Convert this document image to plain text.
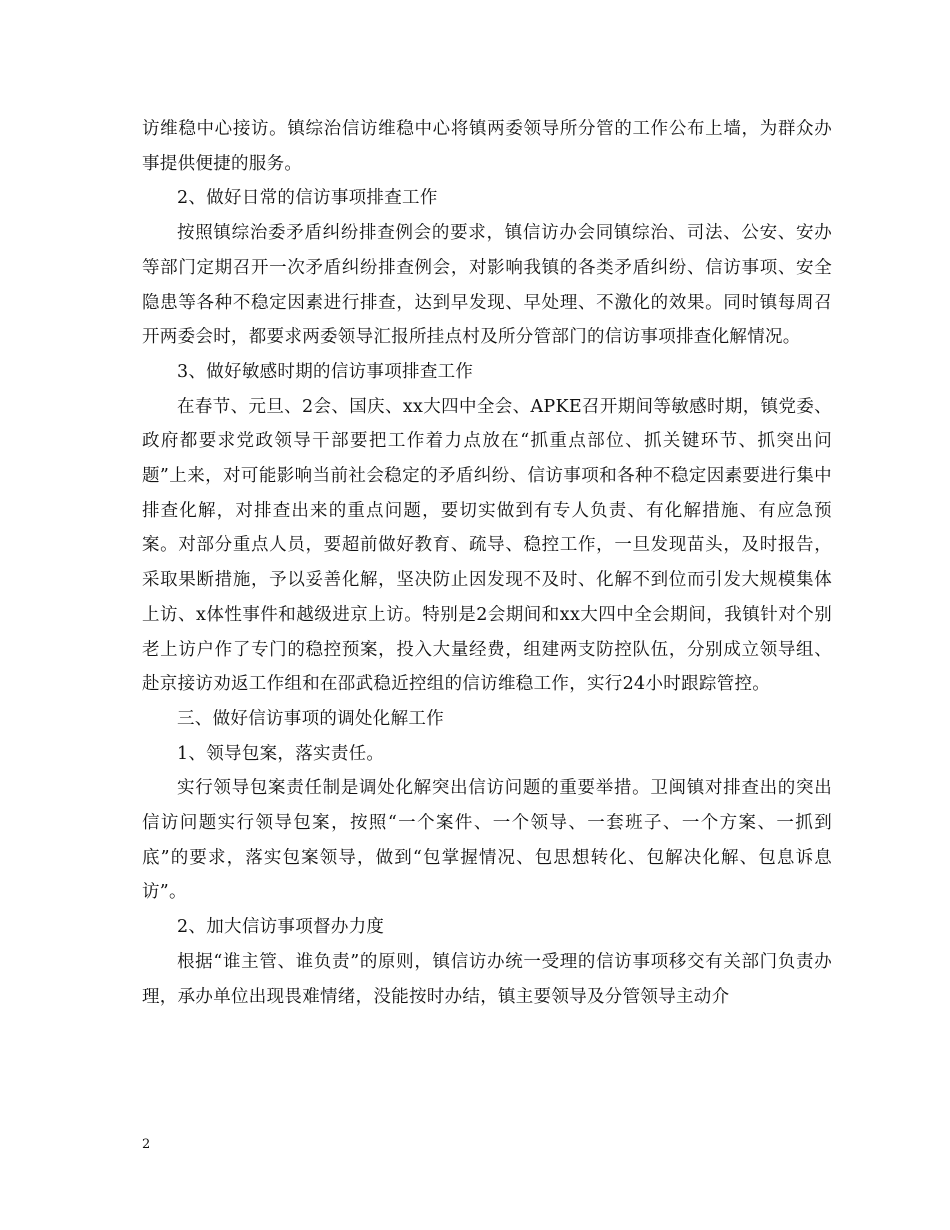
访维稳中心接访。镇综治信访维稳中心将镇两委领导所分管的工作公布上墙，为群众办事提供便捷的服务。

2、做好日常的信访事项排查工作

按照镇综治委矛盾纠纷排查例会的要求，镇信访办会同镇综治、司法、公安、安办等部门定期召开一次矛盾纠纷排查例会，对影响我镇的各类矛盾纠纷、信访事项、安全隐患等各种不稳定因素进行排查，达到早发现、早处理、不激化的效果。同时镇每周召开两委会时，都要求两委领导汇报所挂点村及所分管部门的信访事项排查化解情况。

3、做好敏感时期的信访事项排查工作

在春节、元旦、2会、国庆、xx大四中全会、APKE召开期间等敏感时期，镇党委、政府都要求党政领导干部要把工作着力点放在“抓重点部位、抓关键环节、抓突出问题”上来，对可能影响当前社会稳定的矛盾纠纷、信访事项和各种不稳定因素要进行集中排查化解，对排查出来的重点问题，要切实做到有专人负责、有化解措施、有应急预案。对部分重点人员，要超前做好教育、疏导、稳控工作，一旦发现苗头，及时报告，采取果断措施，予以妥善化解，坚决防止因发现不及时、化解不到位而引发大规模集体上访、x体性事件和越级进京上访。特别是2会期间和xx大四中全会期间，我镇针对个别老上访户作了专门的稳控预案，投入大量经费，组建两支防控队伍，分别成立领导组、赴京接访劝返工作组和在邵武稳近控组的信访维稳工作，实行24小时跟踪管控。

三、做好信访事项的调处化解工作

1、领导包案，落实责任。

实行领导包案责任制是调处化解突出信访问题的重要举措。卫闽镇对排查出的突出信访问题实行领导包案，按照“一个案件、一个领导、一套班子、一个方案、一抓到底”的要求，落实包案领导，做到“包掌握情况、包思想转化、包解决化解、包息诉息访”。

2、加大信访事项督办力度

根据“谁主管、谁负责”的原则，镇信访办统一受理的信访事项移交有关部门负责办理，承办单位出现畏难情绪，没能按时办结，镇主要领导及分管领导主动介

2
